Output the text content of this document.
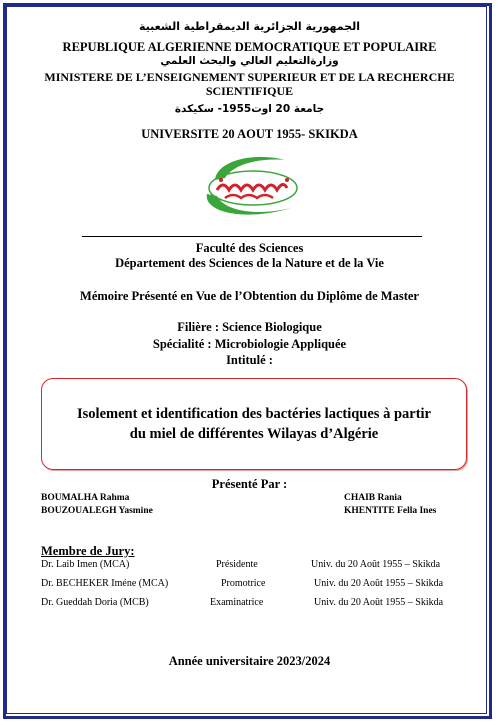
الجمهورية الجزائرية الديمقراطية الشعبية
REPUBLIQUE ALGERIENNE DEMOCRATIQUE ET POPULAIRE
وزارةالتعليم العالي والبحث العلمي
MINISTERE DE L’ENSEIGNEMENT SUPERIEUR ET DE LA RECHERCHE
SCIENTIFIQUE
جامعة 20 اوت1955- سكيكدة
UNIVERSITE 20 AOUT 1955- SKIKDA
Faculté des Sciences
Département des Sciences de la Nature et de la Vie
Mémoire Présenté en Vue de l’Obtention du Diplôme de Master
Filière : Science Biologique
Spécialité : Microbiologie Appliquée
Intitulé :
Isolement et identification des bactéries lactiques à partir
du miel de différentes Wilayas d’Algérie
Présenté Par :
BOUMALHA Rahma
BOUZOUALEGH Yasmine
CHAIB Rania
KHENTITE Fella Ines
Membre de Jury:
Dr. Laib Imen (MCA)	Présidente	Univ. du 20 Août 1955 – Skikda
Dr. BECHEKER Iméne (MCA)	Promotrice	Univ. du 20 Août 1955 – Skikda
Dr. Gueddah Doria (MCB)	Examinatrice	Univ. du 20 Août 1955 – Skikda
Année universitaire 2023/2024
